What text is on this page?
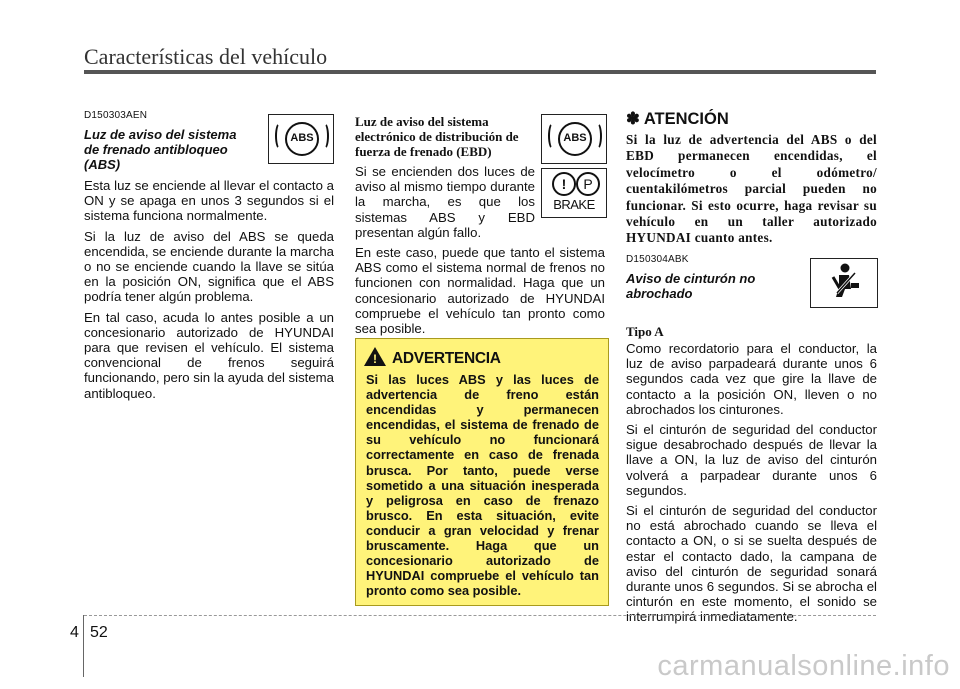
Características del vehículo
D150303AEN
Luz de aviso del sistema
de frenado antibloqueo
(ABS)

Esta luz se enciende al llevar el contacto a ON y se apaga en unos 3 segundos si el sistema funciona normalmente.

Si la luz de aviso del ABS se queda encendida, se enciende durante la marcha o no se enciende cuando la llave se sitúa en la posición ON, significa que el ABS podría tener algún problema.

En tal caso, acuda lo antes posible a un concesionario autorizado de HYUNDAI para que revisen el vehículo. El sistema convencional de frenos seguirá funcionando, pero sin la ayuda del sistema antibloqueo.

ABS
Luz de aviso del sistema
electrónico de distribución de
fuerza de frenado (EBD)

Si se encienden dos luces de aviso al mismo tiempo durante la marcha, es que los sistemas ABS y EBD presentan algún fallo.

En este caso, puede que tanto el sistema ABS como el sistema normal de frenos no funcionen con normalidad. Haga que un concesionario autorizado de HYUNDAI compruebe el vehículo tan pronto como sea posible.

ABS
!	P
BRAKE
! ADVERTENCIA
Si las luces ABS y las luces de advertencia de freno están encendidas y permanecen encendidas, el sistema de frenado de su vehículo no funcionará correctamente en caso de frenada brusca. Por tanto, puede verse sometido a una situación inesperada y peligrosa en caso de frenazo brusco. En esta situación, evite conducir a gran velocidad y frenar bruscamente. Haga que un concesionario autorizado de HYUNDAI compruebe el vehículo tan pronto como sea posible.
✽ ATENCIÓN

Si la luz de advertencia del ABS o del EBD permanecen encendidas, el velocímetro o el odómetro/ cuentakilómetros parcial pueden no funcionar. Si esto ocurre, haga revisar su vehículo en un taller autorizado HYUNDAI cuanto antes.

D150304ABK
Aviso de cinturón no
abrochado
Tipo A

Como recordatorio para el conductor, la luz de aviso parpadeará durante unos 6 segundos cada vez que gire la llave de contacto a la posición ON, lleven o no abrochados los cinturones.

Si el cinturón de seguridad del conductor sigue desabrochado después de llevar la llave a ON, la luz de aviso del cinturón volverá a parpadear durante unos 6 segundos.

Si el cinturón de seguridad del conductor no está abrochado cuando se lleva el contacto a ON, o si se suelta después de estar el contacto dado, la campana de aviso del cinturón de seguridad sonará durante unos 6 segundos. Si se abrocha el cinturón en este momento, el sonido se interrumpirá inmediatamente.

4 52
carmanualsonline.info
